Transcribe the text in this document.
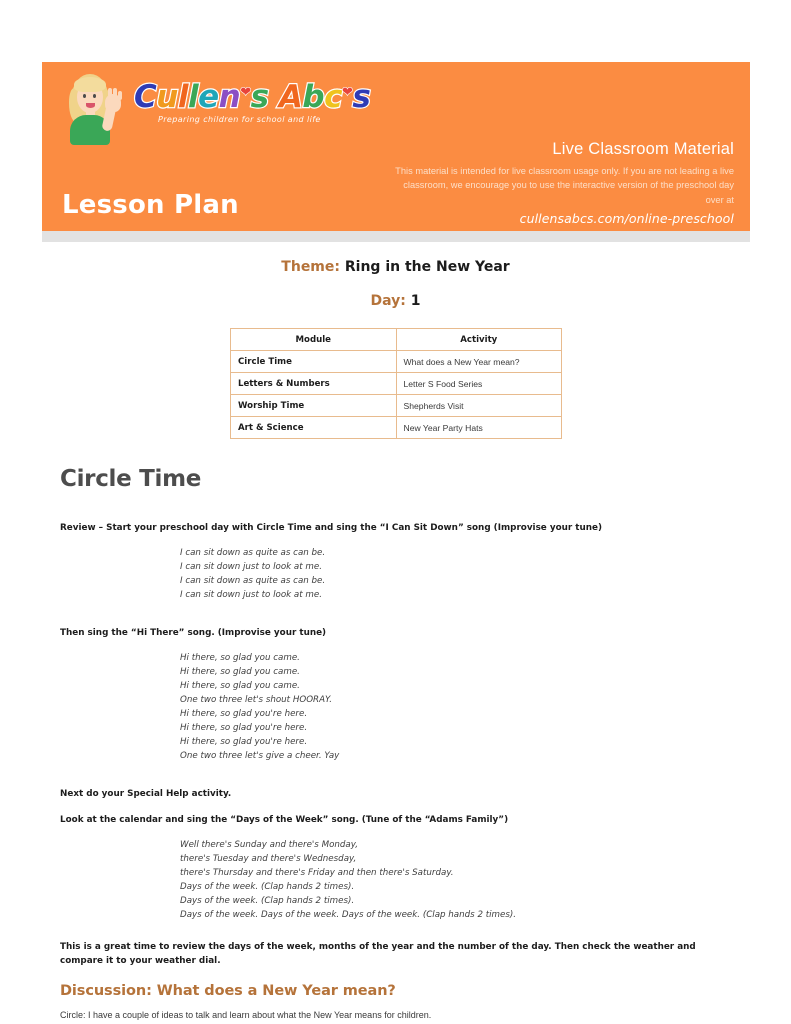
Cullen❤s Abc❤s
Preparing children for school and life
Lesson Plan
Live Classroom Material
This material is intended for live classroom usage only. If you are not leading a live classroom, we encourage you to use the interactive version of the preschool day over at
cullensabcs.com/online-preschool
Theme: Ring in the New Year
Day: 1
Module	Activity
Circle Time	What does a New Year mean?
Letters & Numbers	Letter S Food Series
Worship Time	Shepherds Visit
Art & Science	New Year Party Hats
Circle Time

Review – Start your preschool day with Circle Time and sing the “I Can Sit Down” song (Improvise your tune)

I can sit down as quite as can be.
I can sit down just to look at me.
I can sit down as quite as can be.
I can sit down just to look at me.

Then sing the “Hi There” song. (Improvise your tune)

Hi there, so glad you came.
Hi there, so glad you came.
Hi there, so glad you came.
One two three let's shout HOORAY.
Hi there, so glad you're here.
Hi there, so glad you're here.
Hi there, so glad you're here.
One two three let's give a cheer. Yay

Next do your Special Help activity.

Look at the calendar and sing the “Days of the Week” song. (Tune of the “Adams Family”)

Well there's Sunday and there's Monday,
there's Tuesday and there's Wednesday,
there's Thursday and there's Friday and then there's Saturday.
Days of the week. (Clap hands 2 times).
Days of the week. (Clap hands 2 times).
Days of the week. Days of the week. Days of the week. (Clap hands 2 times).

This is a great time to review the days of the week, months of the year and the number of the day. Then check the weather and compare it to your weather dial.

Discussion: What does a New Year mean?

Circle: I have a couple of ideas to talk and learn about what the New Year means for children.
